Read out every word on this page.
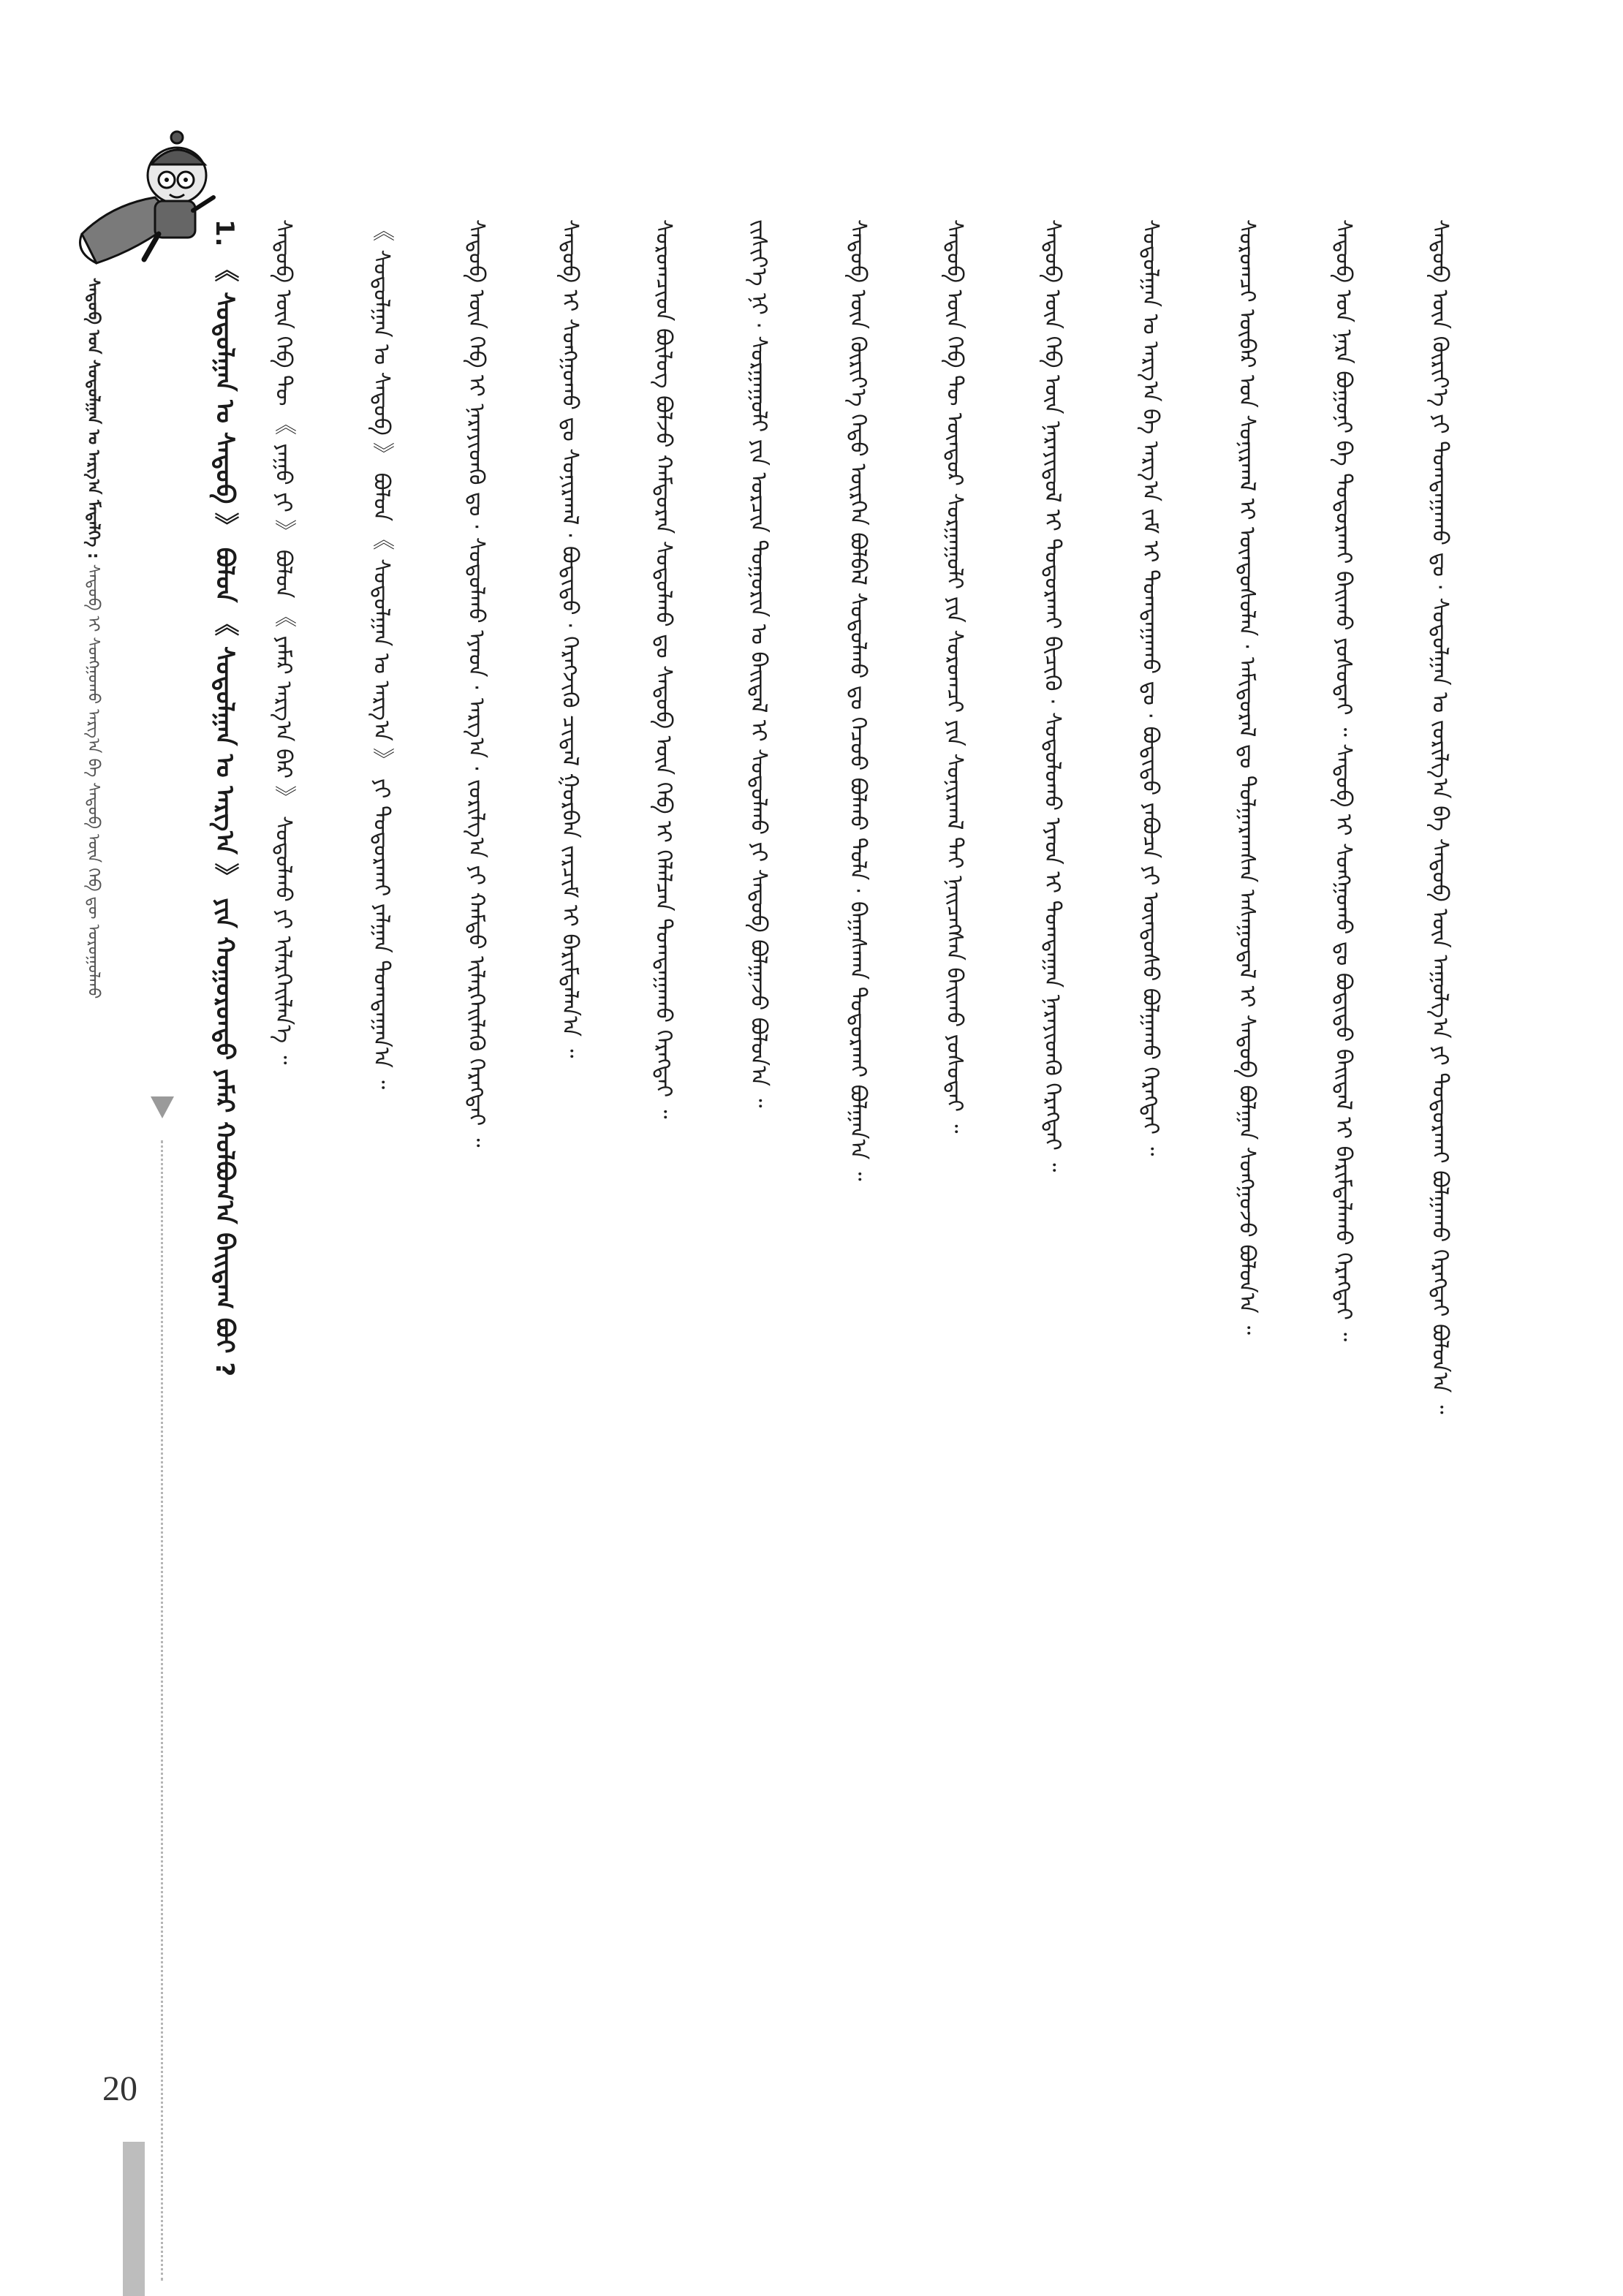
ᠰᠡᠳᠦᠪ ᠤᠨ ᠰᠤᠳᠤᠯᠭᠠᠨ ᠤ ᠠᠷᠭ᠎ᠠ ᠮᠡᠳᠡᠯᠭᠡ : ᠰᠡᠳᠦᠪ ᠢ ᠰᠣᠩᠭᠣᠬᠤ ᠠᠷᠭ᠎ᠠ ᠪᠠ ᠰᠡᠳᠦᠪ ᠦᠨ ᠬᠡᠪ ᠳᠦ ᠣᠷᠣᠭᠤᠯᠬᠤ
1. 《 ᠰᠤᠳᠤᠯᠭᠠᠨ ᠤ ᠰᠡᠳᠦᠪ 》 ᠪᠣᠯᠤᠨ 《 ᠰᠤᠳᠤᠯᠭᠠᠨ ᠤ ᠠᠷᠭ᠎ᠠ 》 ᠶᠢᠨ ᠬᠣᠭᠣᠷᠣᠨᠳᠤ ᠶᠠᠮᠠᠷ ᠬᠣᠯᠪᠣᠭ᠎ᠠ ᠪᠠᠢᠳᠠᠭ ᠪᠤᠢ ? ᠰᠡᠳᠦᠪ ᠦᠨ ᠬᠡᠪ ᠲᠦ 《 ᠶᠠᠭᠤ ᠶᠢ 》 ᠪᠣᠯᠤᠨ 《 ᠶᠠᠮᠠᠷ ᠠᠷᠭ᠎ᠠ ᠪᠠᠷ 》 ᠰᠤᠳᠤᠯᠬᠤ ᠶᠢ ᠢᠯᠡᠷᠬᠡᠢᠯᠡᠨ᠎ᠡ ᠃	《 ᠰᠤᠳᠤᠯᠭᠠᠨ ᠤ ᠰᠡᠳᠦᠪ 》 ᠪᠣᠯᠤᠨ 《 ᠰᠤᠳᠤᠯᠭᠠᠨ ᠤ ᠠᠷᠭ᠎ᠠ 》 ᠶᠢ ᠲᠣᠳᠣᠷᠬᠠᠢ ᠶᠠᠯᠭᠠᠨ ᠲᠣᠭᠲᠠᠭᠠᠨ᠎ᠠ ᠃	ᠰᠡᠳᠦᠪ ᠦᠨ ᠬᠡᠪ ᠢ ᠨᠡᠷᠡᠶᠢᠳᠬᠦ ᠳᠤ · ᠰᠤᠳᠤᠯᠬᠤ ᠡᠶᠡᠳ · ᠠᠷᠭ᠎ᠠ · ᠵᠣᠷᠢᠯᠭ᠎ᠠ ᠶᠢ ᠬᠠᠮᠲᠤ ᠢᠯᠡᠷᠬᠡᠢᠯᠡᠬᠦ ᠬᠡᠷᠡᠭᠲᠡᠢ ᠃	ᠰᠡᠳᠦᠪ ᠢ ᠰᠣᠩᠭᠣᠬᠤ ᠳᠤ ᠰᠣᠨᠢᠷᠬᠠᠯ · ᠪᠣᠳᠢᠳᠤ · ᠬᠡᠷᠡᠭᠵᠢᠬᠦ ᠴᠢᠳᠠᠯ ᠭᠤᠷᠪᠠᠨ ᠵᠠᠷᠴᠢᠮ ᠢ ᠪᠠᠷᠢᠮᠲᠠᠯᠠᠨ᠎ᠠ ᠃	ᠰᠤᠷᠤᠭᠴᠢᠳ ᠪᠦᠯᠦᠭ ᠪᠣᠯᠵᠤ ᠬᠠᠮᠲᠤᠷᠠᠨ ᠰᠤᠳᠤᠯᠬᠤ ᠳᠤ ᠰᠡᠳᠦᠪ ᠦᠨ ᠬᠡᠪ ᠢ ᠬᠡᠯᠡᠯᠴᠡᠨ ᠲᠣᠭᠲᠠᠭᠠᠬᠤ ᠬᠡᠷᠡᠭᠲᠡᠢ ᠃	ᠵᠢᠱᠢᠶ᠎ᠡ ᠨᠢ · ᠰᠤᠷᠭᠠᠭᠤᠯᠢ ᠶᠢᠨ ᠣᠷᠴᠢᠨ ᠲᠣᠭᠣᠷᠢᠨ ᠤ ᠪᠠᠢᠳᠠᠯ ᠢ ᠰᠤᠳᠤᠯᠬᠤ ᠶᠢ ᠰᠡᠳᠦᠪ ᠪᠣᠯᠭᠠᠵᠤ ᠪᠣᠯᠤᠨ᠎ᠠ ᠃	ᠰᠡᠳᠦᠪ ᠦᠨ ᠬᠦᠷᠢᠶ᠎ᠡ ᠬᠡᠲᠦ ᠥᠷᠭᠡᠨ ᠪᠣᠯᠪᠠᠯ ᠰᠤᠳᠤᠯᠬᠤ ᠳᠤ ᠬᠡᠴᠦᠦ ᠪᠣᠯᠬᠤ ᠲᠤᠯᠠ · ᠪᠠᠭᠠᠰᠬᠠᠨ ᠲᠣᠳᠣᠷᠬᠠᠢ ᠪᠣᠯᠭᠠᠨ᠎ᠠ ᠃	ᠰᠡᠳᠦᠪ ᠦᠨ ᠬᠡᠪ ᠲᠦ ᠥᠨᠳᠦᠷ ᠰᠤᠷᠭᠠᠭᠤᠯᠢ ᠶᠢᠨ ᠰᠤᠷᠤᠭᠴᠢ ᠶᠢᠨ ᠰᠣᠨᠢᠷᠬᠠᠯ ᠲᠠᠢ ᠨᠡᠢᠴᠡᠭᠰᠡᠨ ᠪᠠᠢᠬᠤ ᠶᠣᠰᠤᠲᠠᠢ ᠃	ᠰᠡᠳᠦᠪ ᠦᠨ ᠬᠡᠪ ᠦᠨ ᠨᠡᠷᠡᠶᠢᠳᠦᠯ ᠢ ᠲᠣᠳᠣᠷᠬᠠᠢ ᠪᠢᠴᠢᠬᠦ · ᠰᠤᠳᠤᠯᠤᠬᠤ ᠡᠶᠡᠳ ᠢ ᠲᠣᠭᠲᠠᠭᠠᠨ ᠨᠡᠷᠡᠶᠢᠳᠬᠦ ᠬᠡᠷᠡᠭᠲᠡᠢ ᠃	ᠰᠤᠳᠤᠯᠭᠠᠨ ᠤ ᠠᠷᠭ᠎ᠠ ᠪᠠ ᠠᠷᠭ᠎ᠠ ᠵᠠᠮ ᠢ ᠲᠣᠭᠲᠠᠭᠠᠬᠤ ᠳᠤ · ᠪᠣᠳᠢᠳᠤ ᠶᠠᠪᠤᠴᠠ ᠶᠢ ᠦᠨᠳᠦᠰᠦ ᠪᠣᠯᠭᠠᠬᠤ ᠬᠡᠷᠡᠭᠲᠡᠢ ᠃	ᠰᠤᠷᠤᠭᠴᠢ ᠥᠪᠡᠷ ᠤᠨ ᠰᠣᠨᠢᠷᠬᠠᠯ ᠢ ᠦᠨᠳᠦᠰᠦᠯᠡᠨ · ᠠᠮᠢᠳᠤᠷᠠᠯ ᠳᠤ ᠲᠤᠯᠭᠠᠷᠠᠭᠰᠠᠨ ᠠᠰᠠᠭᠤᠳᠠᠯ ᠢ ᠰᠡᠳᠦᠪ ᠪᠣᠯᠭᠠᠨ ᠰᠣᠩᠭᠣᠵᠤ ᠪᠣᠯᠤᠨ᠎ᠠ ᠃	ᠰᠡᠳᠦᠪ ᠤᠨ ᠨᠡᠷᠡ ᠪᠣᠭᠤᠨᠢ ᠪᠠ ᠲᠣᠳᠣᠷᠬᠠᠢ ᠪᠠᠢᠬᠤ ᠶᠣᠰᠤᠲᠠᠢ ᠃ ᠰᠡᠳᠦᠪ ᠢ ᠰᠣᠩᠭᠣᠬᠤ ᠳᠤ ᠪᠣᠳᠢᠳᠤ ᠪᠠᠢᠳᠠᠯ ᠢ ᠪᠠᠷᠢᠮᠲᠠᠯᠠᠬᠤ ᠬᠡᠷᠡᠭᠲᠡᠢ ᠃	ᠰᠡᠳᠦᠪ ᠦᠨ ᠬᠦᠷᠢᠶ᠎ᠡ ᠶᠢ ᠲᠣᠭᠲᠠᠭᠠᠬᠤ ᠳᠤ · ᠰᠤᠳᠤᠯᠭᠠᠨ ᠤ ᠵᠣᠷᠢᠯᠭ᠎ᠠ ᠪᠠ ᠰᠡᠳᠦᠪ ᠦᠨ ᠠᠭᠤᠯᠭ᠎ᠠ ᠶᠢ ᠲᠣᠳᠣᠷᠬᠠᠢ ᠪᠣᠯᠭᠠᠬᠤ ᠬᠡᠷᠡᠭᠲᠡᠢ ᠪᠣᠯᠤᠨ᠎ᠠ ᠃
20
